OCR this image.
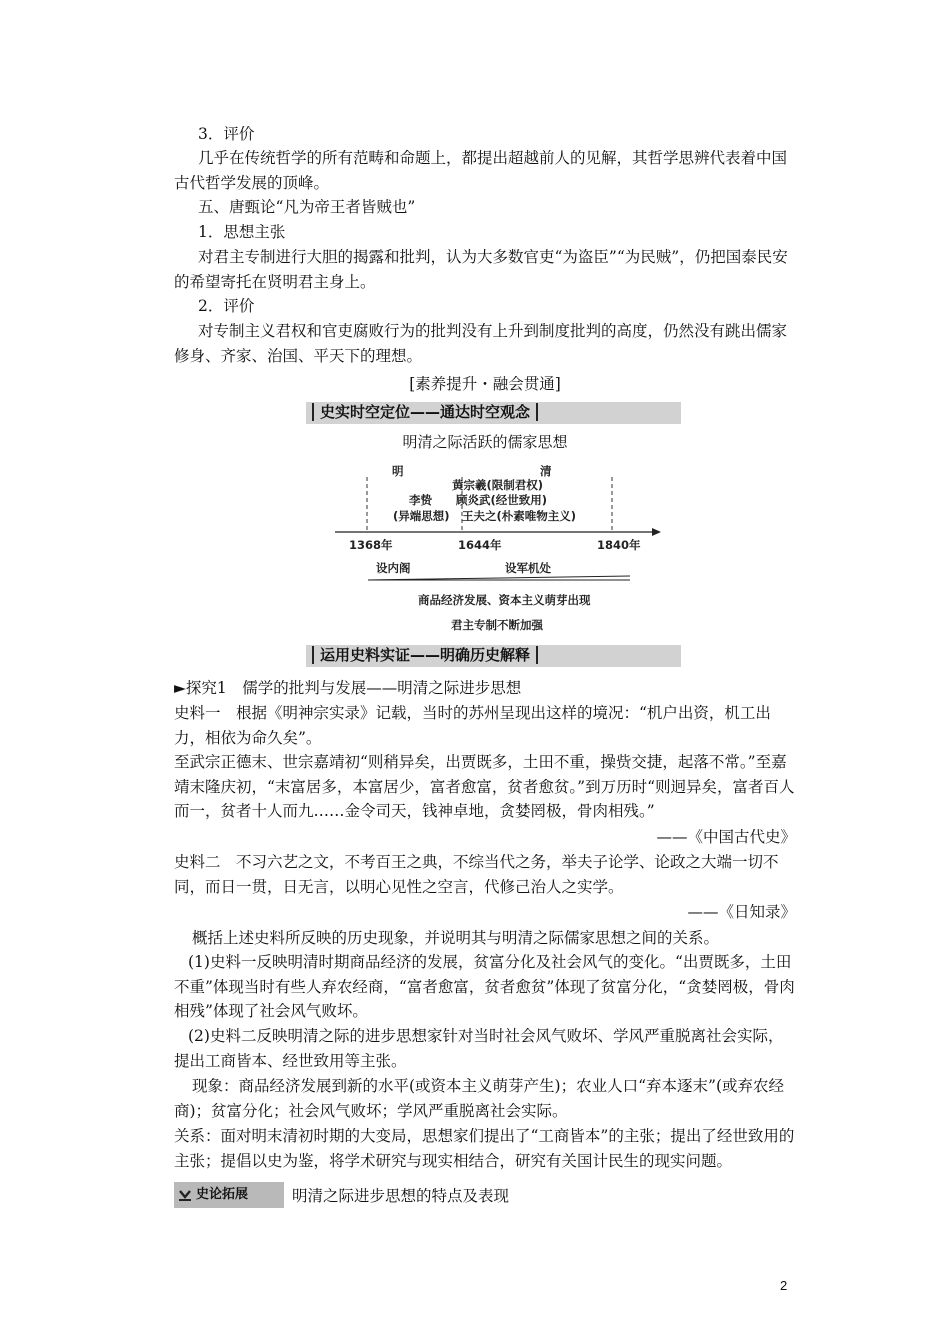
3．评价
几乎在传统哲学的所有范畴和命题上，都提出超越前人的见解，其哲学思辨代表着中国古代哲学发展的顶峰。
五、唐甄论“凡为帝王者皆贼也”
1．思想主张
对君主专制进行大胆的揭露和批判，认为大多数官吏“为盗臣”“为民贼”，仍把国泰民安的希望寄托在贤明君主身上。
2．评价
对专制主义君权和官吏腐败行为的批判没有上升到制度批判的高度，仍然没有跳出儒家修身、齐家、治国、平天下的理想。
[素养提升・融会贯通]
史实时空定位——通达时空观念
明清之际活跃的儒家思想
明	清
黄宗羲(限制君权)
顾炎武(经世致用)
李贽
(异端思想) 王夫之(朴素唯物主义)
1368年	1644年	1840年
设内阁	设军机处
商品经济发展、资本主义萌芽出现
君主专制不断加强
运用史料实证——明确历史解释
►探究1　儒学的批判与发展——明清之际进步思想
史料一　根据《明神宗实录》记载，当时的苏州呈现出这样的境况：“机户出资，机工出力，相依为命久矣”。
至武宗正德末、世宗嘉靖初“则稍异矣，出贾既多，土田不重，操赀交捷，起落不常。”至嘉靖末隆庆初，“末富居多，本富居少，富者愈富，贫者愈贫。”到万历时“则迥异矣，富者百人而一，贫者十人而九……金令司天，钱神卓地，贪婪罔极，骨肉相残。”
——《中国古代史》
史料二　不习六艺之文，不考百王之典，不综当代之务，举夫子论学、论政之大端一切不同，而日一贯，日无言，以明心见性之空言，代修己治人之实学。
——《日知录》
概括上述史料所反映的历史现象，并说明其与明清之际儒家思想之间的关系。
(1)史料一反映明清时期商品经济的发展，贫富分化及社会风气的变化。“出贾既多，土田不重”体现当时有些人弃农经商，“富者愈富，贫者愈贫”体现了贫富分化，“贪婪罔极，骨肉相残”体现了社会风气败坏。
(2)史料二反映明清之际的进步思想家针对当时社会风气败坏、学风严重脱离社会实际，提出工商皆本、经世致用等主张。
现象：商品经济发展到新的水平(或资本主义萌芽产生)；农业人口“弃本逐末”(或弃农经商)；贫富分化；社会风气败坏；学风严重脱离社会实际。
关系：面对明末清初时期的大变局，思想家们提出了“工商皆本”的主张；提出了经世致用的主张；提倡以史为鉴，将学术研究与现实相结合，研究有关国计民生的现实问题。
史论拓展	明清之际进步思想的特点及表现
2
